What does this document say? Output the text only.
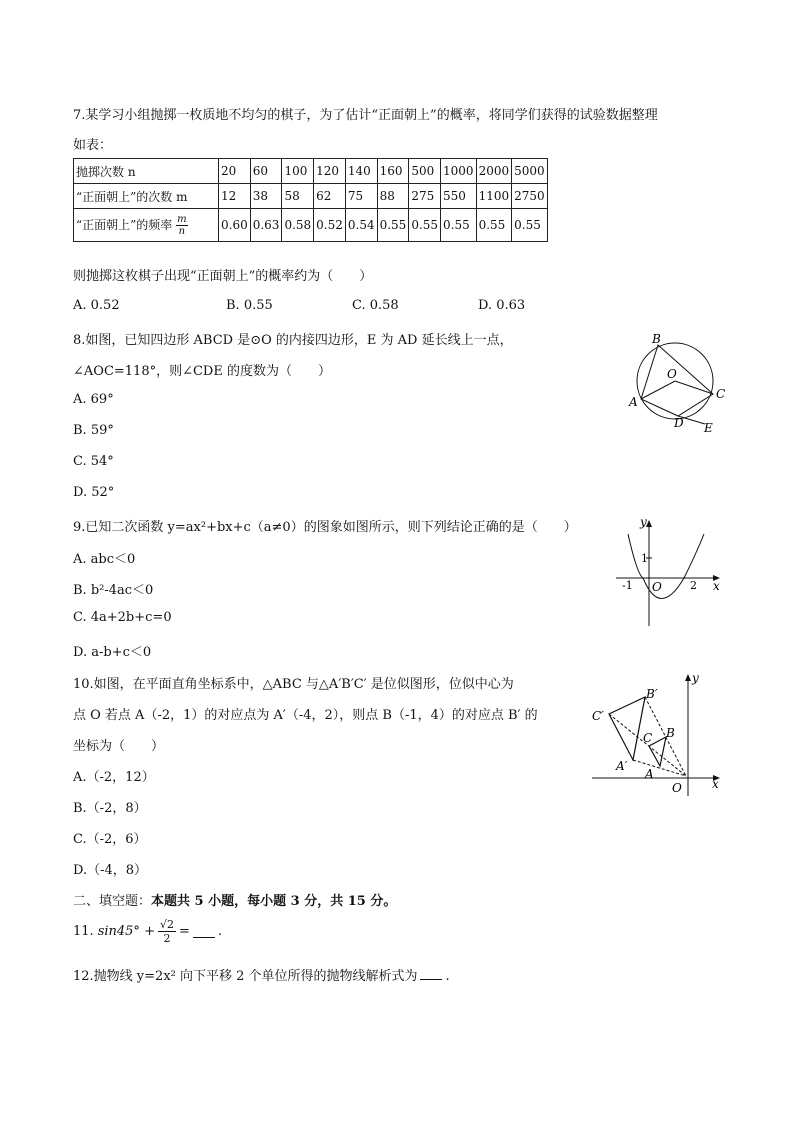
7.某学习小组抛掷一枚质地不均匀的棋子，为了估计“正面朝上”的概率，将同学们获得的试验数据整理
如表：
抛掷次数 n	20	60	100	120	140	160	500	1000	2000	5000
“正面朝上”的次数 m	12	38	58	62	75	88	275	550	1100	2750
“正面朝上”的频率 $\frac{m}{n}$	0.60	0.63	0.58	0.52	0.54	0.55	0.55	0.55	0.55	0.55
则抛掷这枚棋子出现“正面朝上”的概率约为（　　）
A. 0.52	B. 0.55	C. 0.58	D. 0.63
8.如图，已知四边形 ABCD 是⊙O 的内接四边形，E 为 AD 延长线上一点，
∠AOC=118°，则∠CDE 的度数为（　　）
A. 69°
B. 59°
C. 54°
D. 52°
B
O
C
A
D E
9.已知二次函数 y=ax²+bx+c（a≠0）的图象如图所示，则下列结论正确的是（　　）
A. abc＜0
B. b²-4ac＜0
C. 4a+2b+c=0
D. a-b+c＜0
y
1
-1 O	2 x
10.如图，在平面直角坐标系中，△ABC 与△A′B′C′ 是位似图形，位似中心为
点 O 若点 A（-2，1）的对应点为 A′（-4，2），则点 B（-1，4）的对应点 B′ 的
坐标为（　　）
A.（-2，12）
B.（-2，8）
C.（-2，6）
D.（-4，8）
y
B′
C′
C B
A′
A
O	x
二、填空题：本题共 5 小题，每小题 3 分，共 15 分。
11. $\sin 45^\circ + \frac{√2}{2}$ = .
12.抛物线 y=2x² 向下平移 2 个单位所得的抛物线解析式为 .
